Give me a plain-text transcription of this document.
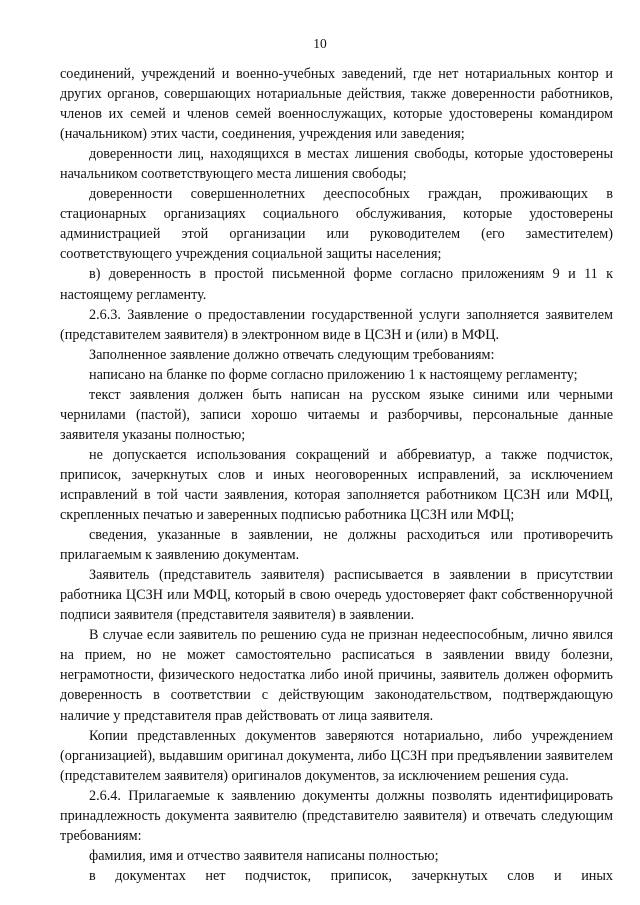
10

соединений, учреждений и военно-учебных заведений, где нет нотариальных контор и других органов, совершающих нотариальные действия, также доверенности работников, членов их семей и членов семей военнослужащих, которые удостоверены командиром (начальником) этих части, соединения, учреждения или заведения;

доверенности лиц, находящихся в местах лишения свободы, которые удостоверены начальником соответствующего места лишения свободы;

доверенности совершеннолетних дееспособных граждан, проживающих в стационарных организациях социального обслуживания, которые удостоверены администрацией этой организации или руководителем (его заместителем) соответствующего учреждения социальной защиты населения;

в) доверенность в простой письменной форме согласно приложениям 9 и 11 к настоящему регламенту.

2.6.3. Заявление о предоставлении государственной услуги заполняется заявителем (представителем заявителя) в электронном виде в ЦСЗН и (или) в МФЦ.

Заполненное заявление должно отвечать следующим требованиям:

написано на бланке по форме согласно приложению 1 к настоящему регламенту;

текст заявления должен быть написан на русском языке синими или черными чернилами (пастой), записи хорошо читаемы и разборчивы, персональные данные заявителя указаны полностью;

не допускается использования сокращений и аббревиатур, а также подчисток, приписок, зачеркнутых слов и иных неоговоренных исправлений, за исключением исправлений в той части заявления, которая заполняется работником ЦСЗН или МФЦ, скрепленных печатью и заверенных подписью работника ЦСЗН или МФЦ;

сведения, указанные в заявлении, не должны расходиться или противоречить прилагаемым к заявлению документам.

Заявитель (представитель заявителя) расписывается в заявлении в присутствии работника ЦСЗН или МФЦ, который в свою очередь удостоверяет факт собственноручной подписи заявителя (представителя заявителя) в заявлении.

В случае если заявитель по решению суда не признан недееспособным, лично явился на прием, но не может самостоятельно расписаться в заявлении ввиду болезни, неграмотности, физического недостатка либо иной причины, заявитель должен оформить доверенность в соответствии с действующим законодательством, подтверждающую наличие у представителя прав действовать от лица заявителя.

Копии представленных документов заверяются нотариально, либо учреждением (организацией), выдавшим оригинал документа, либо ЦСЗН при предъявлении заявителем (представителем заявителя) оригиналов документов, за исключением решения суда.

2.6.4. Прилагаемые к заявлению документы должны позволять идентифицировать принадлежность документа заявителю (представителю заявителя) и отвечать следующим требованиям:

фамилия, имя и отчество заявителя написаны полностью;

в документах нет подчисток, приписок, зачеркнутых слов и иных
